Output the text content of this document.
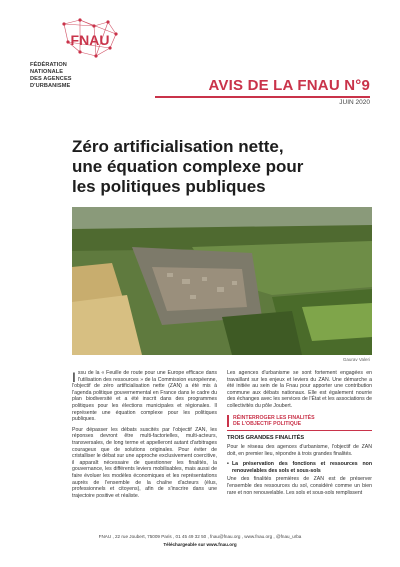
FNAU
FÉDÉRATION
NATIONALE
DES AGENCES
D'URBANISME	AVIS DE LA FNAU N°9
JUIN 2020
Zéro artificialisation nette,
une équation complexe pour
les politiques publiques
Gaurav Valeri

Issu de la « Feuille de route pour une Europe efficace dans l'utilisation des ressources » de la Commission européenne, l'objectif de zéro artificialisation nette (ZAN) a été mis à l'agenda politique gouvernemental en France dans le cadre du plan biodiversité et a été inscrit dans des programmes politiques pour les élections municipales et régionales. Il représente une équation complexe pour les politiques publiques.

Pour dépasser les débats suscités par l'objectif ZAN, les réponses devront être multi-factorielles, multi-acteurs, transversales, de long terme et appelleront autant d'arbitrages courageux que de solutions originales. Pour éviter de cristalliser le débat sur une approche exclusivement coercitive, il apparaît nécessaire de questionner les finalités, la gouvernance, les différents leviers mobilisables, mais aussi de faire évoluer les modèles économiques et les représentations auprès de l'ensemble de la chaîne d'acteurs (élus, professionnels et citoyens), afin de s'inscrire dans une trajectoire positive et réaliste.

Les agences d'urbanisme se sont fortement engagées en travaillant sur les enjeux et leviers du ZAN. Une démarche a été initiée au sein de la Fnau pour apporter une contribution commune aux débats nationaux. Elle est également nourrie des échanges avec les services de l'État et les associations de collectivités du pôle Joubert.

RÉINTERROGER LES FINALITÉS
DE L'OBJECTIF POLITIQUE
TROIS GRANDES FINALITÉS

Pour le réseau des agences d'urbanisme, l'objectif de ZAN doit, en premier lieu, répondre à trois grandes finalités.

• La préservation des fonctions et ressources non renouvelables des sols et sous-sols

Une des finalités premières de ZAN est de préserver l'ensemble des ressources du sol, considéré comme un bien rare et non renouvelable. Les sols et sous-sols remplissent

FNAU , 22 rue Joubert, 75009 Paris , 01 45 49 32 50 , fnau@fnau.org , www.fnau.org , @fnau_urba
Téléchargeable sur www.fnau.org
